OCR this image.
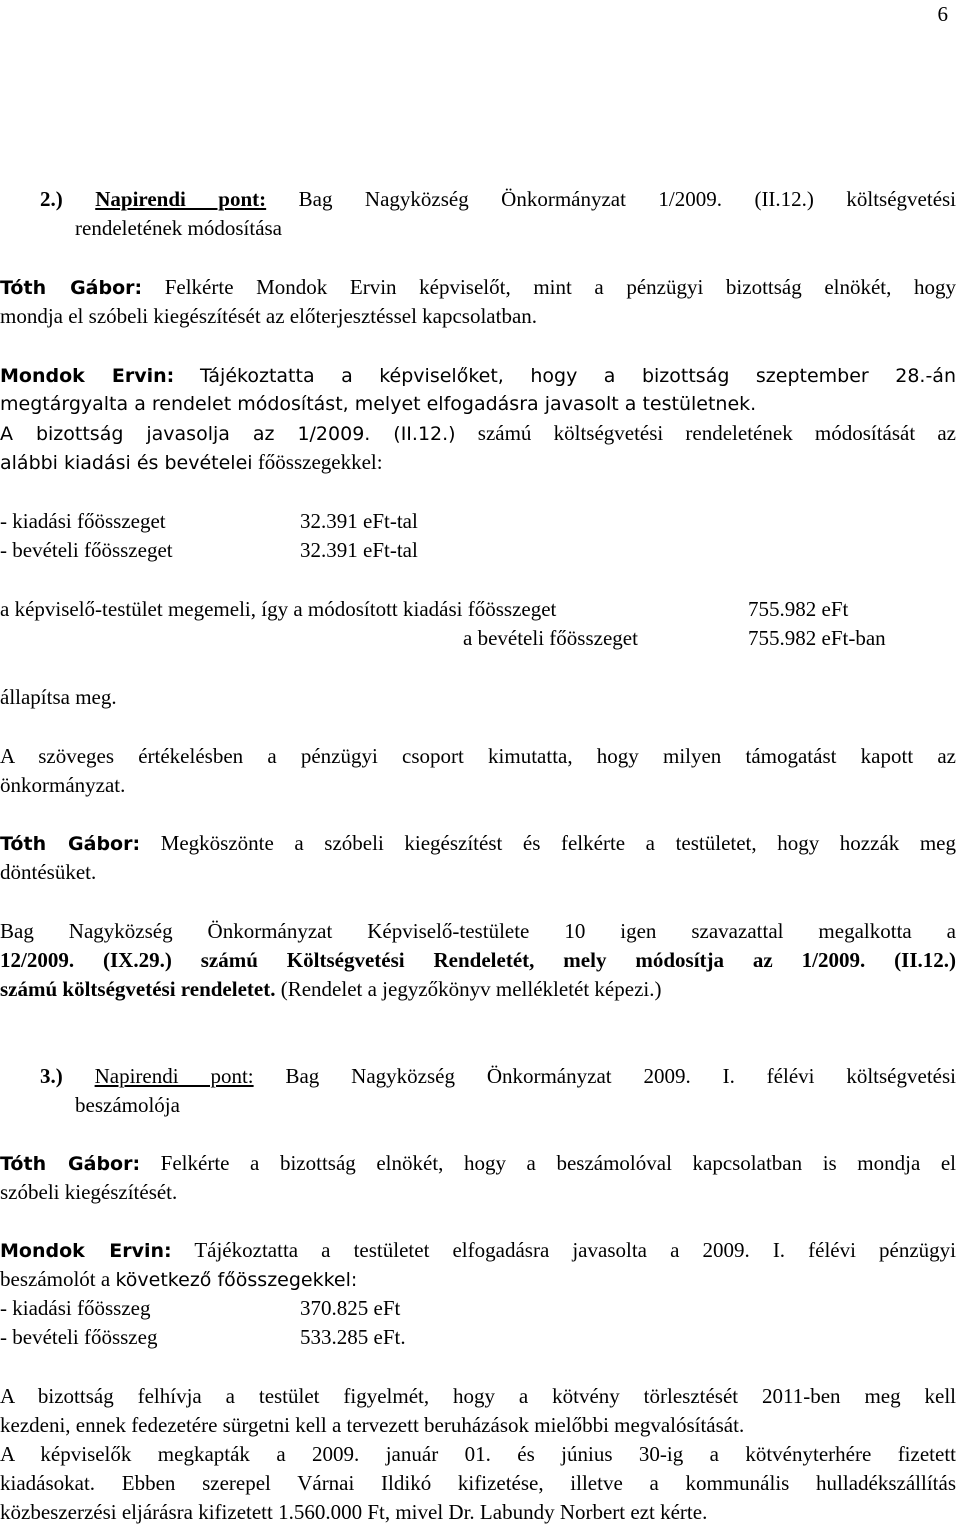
6
2.) Napirendi pont: Bag Nagyközség Önkormányzat 1/2009. (II.12.) költségvetési
rendeletének módosítása
Tóth Gábor: Felkérte Mondok Ervin képviselőt, mint a pénzügyi bizottság elnökét, hogy
mondja el szóbeli kiegészítését az előterjesztéssel kapcsolatban.
Mondok Ervin: Tájékoztatta a képviselőket, hogy a bizottság szeptember 28.-án
megtárgyalta a rendelet módosítást, melyet elfogadásra javasolt a testületnek.
A bizottság javasolja az 1/2009. (II.12.) számú költségvetési rendeletének módosítását az
alábbi kiadási és bevételei főösszegekkel:
- kiadási főösszeget	32.391 eFt-tal
- bevételi főösszeget	32.391 eFt-tal
a képviselő-testület megemeli, így a módosított kiadási főösszeget	755.982 eFt
a bevételi főösszeget	755.982 eFt-ban
állapítsa meg.
A szöveges értékelésben a pénzügyi csoport kimutatta, hogy milyen támogatást kapott az
önkormányzat.
Tóth Gábor: Megköszönte a szóbeli kiegészítést és felkérte a testületet, hogy hozzák meg
döntésüket.
Bag Nagyközség Önkormányzat Képviselő-testülete 10 igen szavazattal megalkotta a
12/2009. (IX.29.) számú Költségvetési Rendeletét, mely módosítja az 1/2009. (II.12.)
számú költségvetési rendeletet. (Rendelet a jegyzőkönyv mellékletét képezi.)
3.) Napirendi pont: Bag Nagyközség Önkormányzat 2009. I. félévi költségvetési
beszámolója
Tóth Gábor: Felkérte a bizottság elnökét, hogy a beszámolóval kapcsolatban is mondja el
szóbeli kiegészítését.
Mondok Ervin: Tájékoztatta a testületet elfogadásra javasolta a 2009. I. félévi pénzügyi
beszámolót a következő főösszegekkel:
- kiadási főösszeg	370.825 eFt
- bevételi főösszeg	533.285 eFt.
A bizottság felhívja a testület figyelmét, hogy a kötvény törlesztését 2011-ben meg kell
kezdeni, ennek fedezetére sürgetni kell a tervezett beruházások mielőbbi megvalósítását.
A képviselők megkapták a 2009. január 01. és június 30-ig a kötvényterhére fizetett
kiadásokat. Ebben szerepel Várnai Ildikó kifizetése, illetve a kommunális hulladékszállítás
közbeszerzési eljárásra kifizetett 1.560.000 Ft, mivel Dr. Labundy Norbert ezt kérte.
